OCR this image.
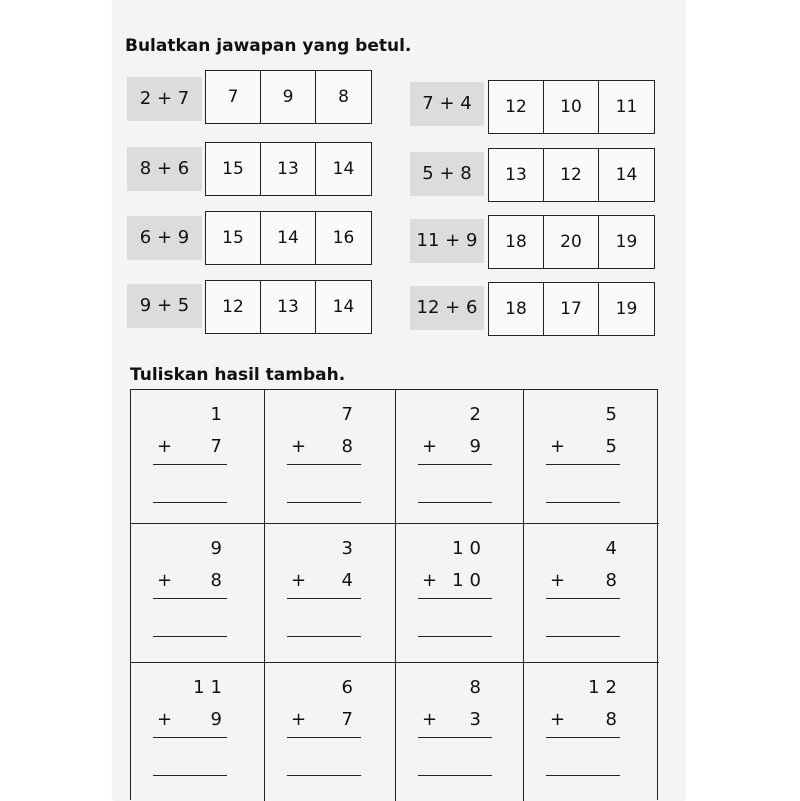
Bulatkan jawapan yang betul.
2 + 7	7	9	8
8 + 6	15	13	14
6 + 9	15	14	16
9 + 5	12	13	14
7 + 4	12	10	11
5 + 8	13	12	14
11 + 9	18	20	19
12 + 6	18	17	19
Tuliskan hasil tambah.
1
+ 7
7
+ 8
2
+ 9
5
+ 5
9
+ 8
3
+ 4
10
+ 10
4
+ 8
11
+ 9
6
+ 7
8
+ 3
12
+ 8
